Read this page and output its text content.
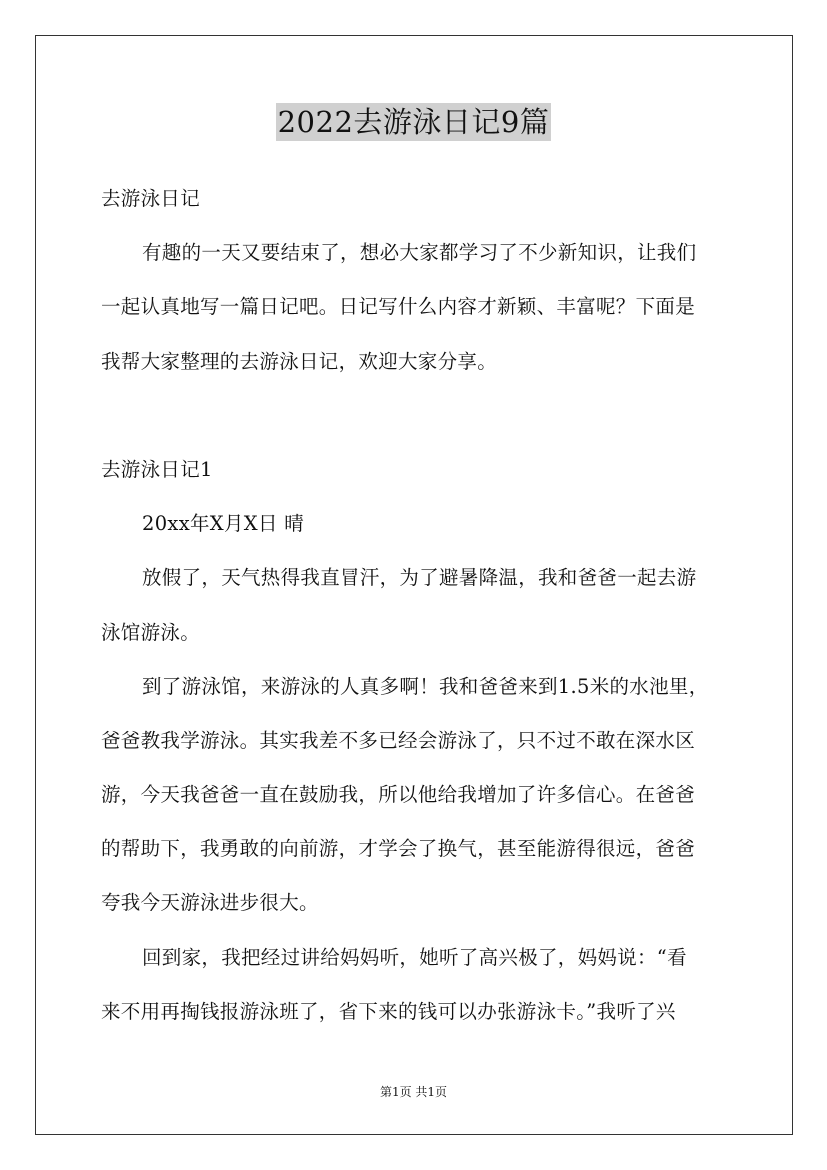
2022去游泳日记9篇
去游泳日记
有趣的一天又要结束了，想必大家都学习了不少新知识，让我们
一起认真地写一篇日记吧。日记写什么内容才新颖、丰富呢？下面是
我帮大家整理的去游泳日记，欢迎大家分享。
去游泳日记1
20xx年X月X日 晴
放假了，天气热得我直冒汗，为了避暑降温，我和爸爸一起去游
泳馆游泳。
到了游泳馆，来游泳的人真多啊！我和爸爸来到1.5米的水池里，
爸爸教我学游泳。其实我差不多已经会游泳了，只不过不敢在深水区
游，今天我爸爸一直在鼓励我，所以他给我增加了许多信心。在爸爸
的帮助下，我勇敢的向前游，才学会了换气，甚至能游得很远，爸爸
夸我今天游泳进步很大。
回到家，我把经过讲给妈妈听，她听了高兴极了，妈妈说：“看
来不用再掏钱报游泳班了，省下来的钱可以办张游泳卡。”我听了兴
第1页 共1页
